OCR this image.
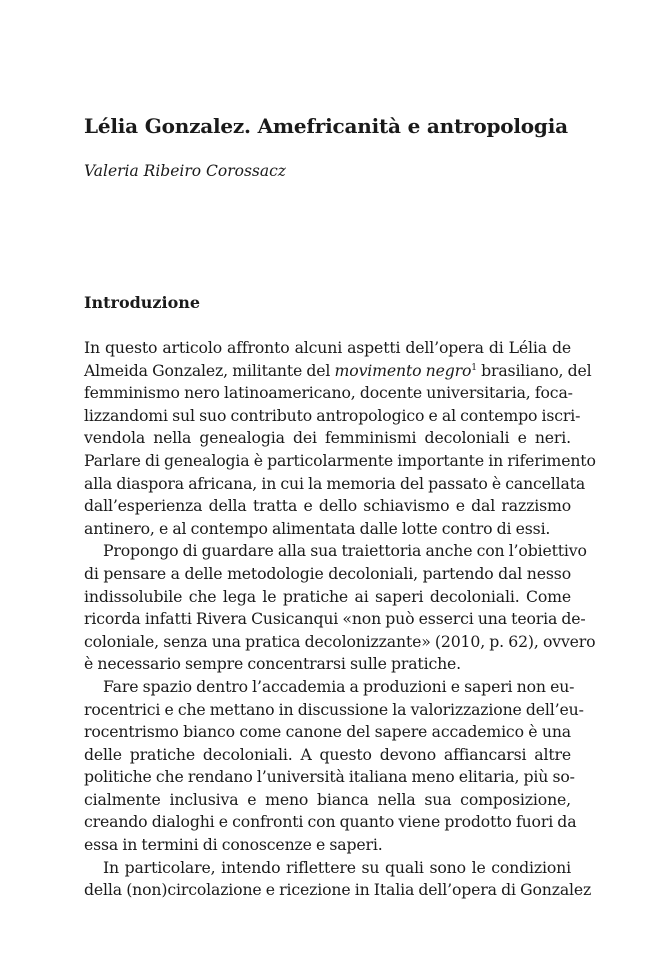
Lélia Gonzalez. Amefricanità e antropologia

Valeria Ribeiro Corossacz

Introduzione
In questo articolo affronto alcuni aspetti dell’opera di Lélia de
Almeida Gonzalez, militante del movimento negro$^1$ brasiliano, del
femminismo nero latinoamericano, docente universitaria, foca-
lizzandomi sul suo contributo antropologico e al contempo iscri-
vendola nella genealogia dei femminismi decoloniali e neri.
Parlare di genealogia è particolarmente importante in riferimento
alla diaspora africana, in cui la memoria del passato è cancellata
dall’esperienza della tratta e dello schiavismo e dal razzismo
antinero, e al contempo alimentata dalle lotte contro di essi.
Propongo di guardare alla sua traiettoria anche con l’obiettivo
di pensare a delle metodologie decoloniali, partendo dal nesso
indissolubile che lega le pratiche ai saperi decoloniali. Come
ricorda infatti Rivera Cusicanqui «non può esserci una teoria de-
coloniale, senza una pratica decolonizzante» (2010, p. 62), ovvero
è necessario sempre concentrarsi sulle pratiche.
Fare spazio dentro l’accademia a produzioni e saperi non eu-
rocentrici e che mettano in discussione la valorizzazione dell’eu-
rocentrismo bianco come canone del sapere accademico è una
delle pratiche decoloniali. A questo devono affiancarsi altre
politiche che rendano l’università italiana meno elitaria, più so-
cialmente inclusiva e meno bianca nella sua composizione,
creando dialoghi e confronti con quanto viene prodotto fuori da
essa in termini di conoscenze e saperi.
In particolare, intendo riflettere su quali sono le condizioni
della (non)circolazione e ricezione in Italia dell’opera di Gonzalez
